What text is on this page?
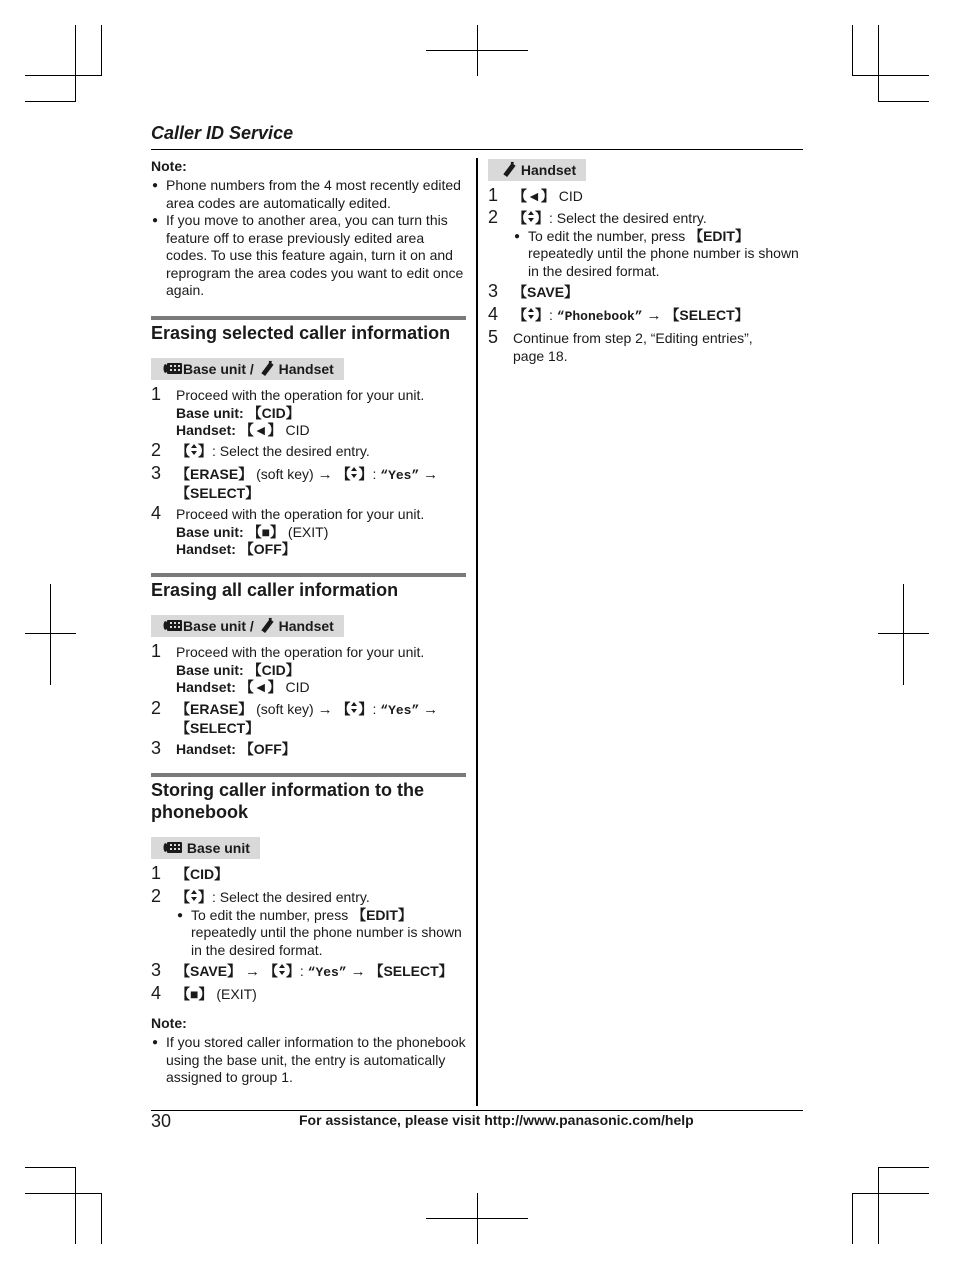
Caller ID Service
Note:
● Phone numbers from the 4 most recently edited area codes are automatically edited.
● If you move to another area, you can turn this feature off to erase previously edited area codes. To use this feature again, turn it on and reprogram the area codes you want to edit once again.
Erasing selected caller information
Base unit /  Handset
1 Proceed with the operation for your unit.
Base unit: 【CID】
Handset: 【◄】 CID
2 【 】: Select the desired entry.
3 【ERASE】 (soft key) → 【 】: “Yes” →
【SELECT】
4 Proceed with the operation for your unit.
Base unit: 【■】 (EXIT)
Handset: 【OFF】
Erasing all caller information
Base unit /  Handset
1 Proceed with the operation for your unit.
Base unit: 【CID】
Handset: 【◄】 CID
2 【ERASE】 (soft key) → 【 】: “Yes” →
【SELECT】
3 Handset: 【OFF】
Storing caller information to the
phonebook
Base unit
1 【CID】
2 【 】: Select the desired entry.
● To edit the number, press 【EDIT】 repeatedly until the phone number is shown in the desired format.
3 【SAVE】 → 【 】: “Yes” → 【SELECT】
4 【■】 (EXIT)
Note:
● If you stored caller information to the phonebook using the base unit, the entry is automatically assigned to group 1.
Handset
1 【◄】 CID
2 【 】: Select the desired entry.
● To edit the number, press 【EDIT】 repeatedly until the phone number is shown in the desired format.
3 【SAVE】
4 【 】: “Phonebook” → 【SELECT】
5 Continue from step 2, “Editing entries”,
page 18.
30	For assistance, please visit http://www.panasonic.com/help
